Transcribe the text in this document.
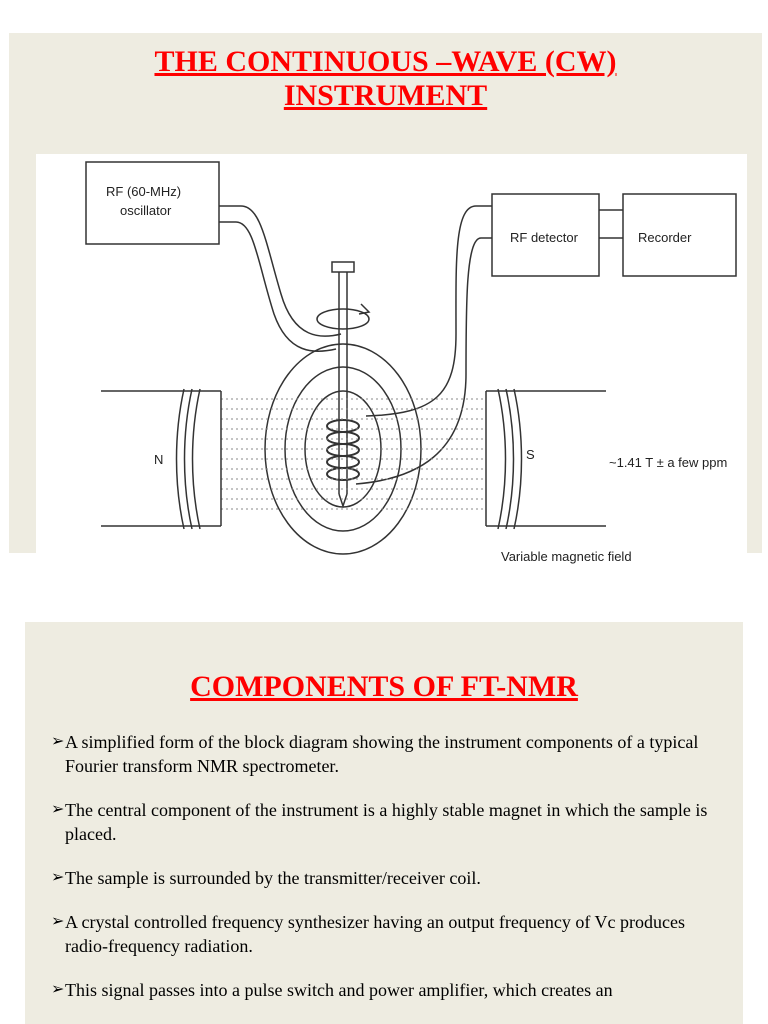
THE CONTINUOUS –WAVE (CW)
INSTRUMENT
RF (60-MHz)
oscillator
RF detector	Recorder
N	S
~1.41 T ± a few ppm
Variable magnetic field
COMPONENTS OF FT-NMR
➢ A simplified form of the block diagram showing the instrument components of a typical Fourier transform NMR spectrometer.
➢ The central component of the instrument is a highly stable magnet in which the sample is placed.
➢ The sample is surrounded by the transmitter/receiver coil.
➢ A crystal controlled frequency synthesizer having an output frequency of Vc produces radio-frequency radiation.
➢ This signal passes into a pulse switch and power amplifier, which creates an
